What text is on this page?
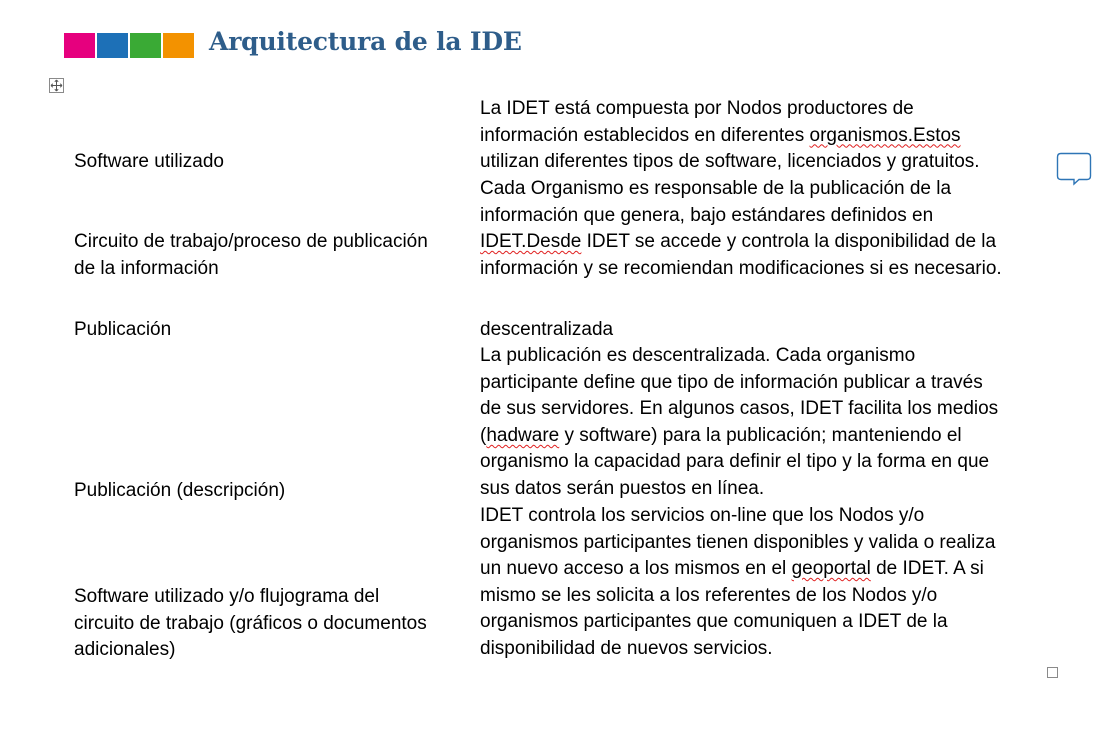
Arquitectura de la IDE
Software utilizado
La IDET está compuesta por Nodos productores de
información establecidos en diferentes organismos.Estos
utilizan diferentes tipos de software, licenciados y gratuitos.
Circuito de trabajo/proceso de publicación
de la información
Cada Organismo es responsable de la publicación de la
información que genera, bajo estándares definidos en
IDET.Desde IDET se accede y controla la disponibilidad de la
información y se recomiendan modificaciones si es necesario.
Publicación	descentralizada
Publicación (descripción)
La publicación es descentralizada. Cada organismo
participante define que tipo de información publicar a través
de sus servidores. En algunos casos, IDET facilita los medios
(hadware y software) para la publicación; manteniendo el
organismo la capacidad para definir el tipo y la forma en que
sus datos serán puestos en línea.
Software utilizado y/o flujograma del
circuito de trabajo (gráficos o documentos
adicionales)
IDET controla los servicios on-line que los Nodos y/o
organismos participantes tienen disponibles y valida o realiza
un nuevo acceso a los mismos en el geoportal de IDET. A si
mismo se les solicita a los referentes de los Nodos y/o
organismos participantes que comuniquen a IDET de la
disponibilidad de nuevos servicios.
